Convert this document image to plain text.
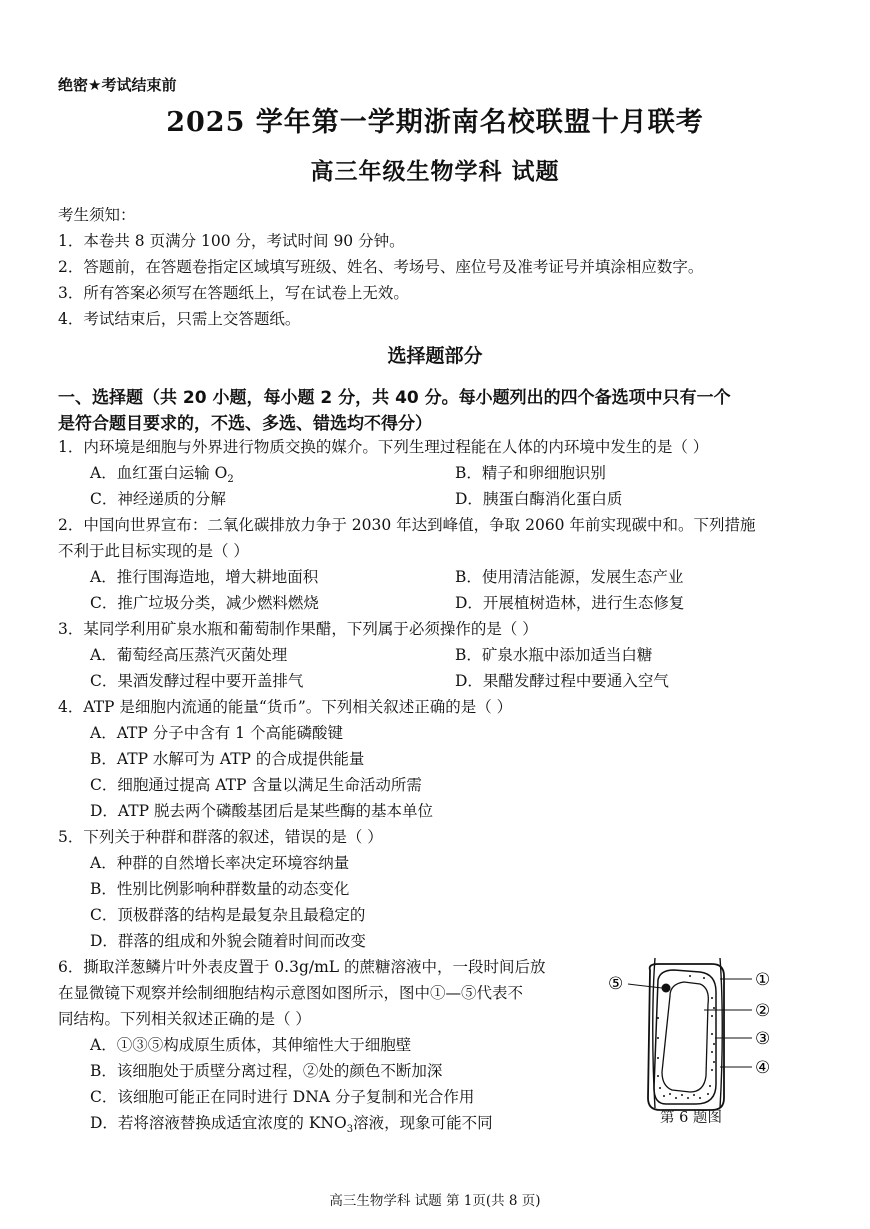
绝密★考试结束前
2025 学年第一学期浙南名校联盟十月联考
高三年级生物学科 试题
考生须知：
1．本卷共 8 页满分 100 分，考试时间 90 分钟。
2．答题前，在答题卷指定区域填写班级、姓名、考场号、座位号及准考证号并填涂相应数字。
3．所有答案必须写在答题纸上，写在试卷上无效。
4．考试结束后，只需上交答题纸。
选择题部分
一、选择题（共 20 小题，每小题 2 分，共 40 分。每小题列出的四个备选项中只有一个
是符合题目要求的，不选、多选、错选均不得分）
1．内环境是细胞与外界进行物质交换的媒介。下列生理过程能在人体的内环境中发生的是（ ）
A．血红蛋白运输 $O_2$	B．精子和卵细胞识别
C．神经递质的分解	D．胰蛋白酶消化蛋白质
2．中国向世界宣布：二氧化碳排放力争于 2030 年达到峰值，争取 2060 年前实现碳中和。下列措施
不利于此目标实现的是（ ）
A．推行围海造地，增大耕地面积	B．使用清洁能源，发展生态产业
C．推广垃圾分类，减少燃料燃烧	D．开展植树造林，进行生态修复
3．某同学利用矿泉水瓶和葡萄制作果醋，下列属于必须操作的是（ ）
A．葡萄经高压蒸汽灭菌处理	B．矿泉水瓶中添加适当白糖
C．果酒发酵过程中要开盖排气	D．果醋发酵过程中要通入空气
4．ATP 是细胞内流通的能量“货币”。下列相关叙述正确的是（ ）
A．ATP 分子中含有 1 个高能磷酸键
B．ATP 水解可为 ATP 的合成提供能量
C．细胞通过提高 ATP 含量以满足生命活动所需
D．ATP 脱去两个磷酸基团后是某些酶的基本单位
5．下列关于种群和群落的叙述，错误的是（ ）
A．种群的自然增长率决定环境容纳量
B．性别比例影响种群数量的动态变化
C．顶极群落的结构是最复杂且最稳定的
D．群落的组成和外貌会随着时间而改变
6．撕取洋葱鳞片叶外表皮置于 0.3g/mL 的蔗糖溶液中，一段时间后放
在显微镜下观察并绘制细胞结构示意图如图所示，图中①—⑤代表不
同结构。下列相关叙述正确的是（ ）
A．①③⑤构成原生质体，其伸缩性大于细胞壁
B．该细胞处于质壁分离过程，②处的颜色不断加深
C．该细胞可能正在同时进行 DNA 分子复制和光合作用
D．若将溶液替换成适宜浓度的 $KNO_3$溶液，现象可能不同
①
②
③
④
⑤
第 6 题图
高三生物学科 试题 第 1页(共 8 页)
